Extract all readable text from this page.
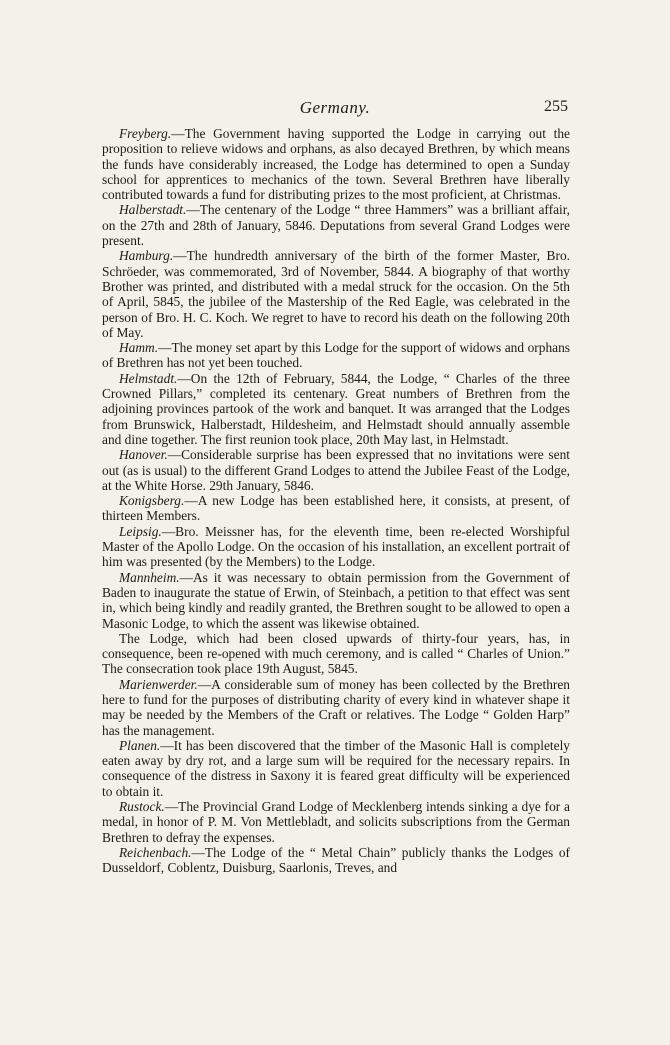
Germany.	255

Freyberg.—The Government having supported the Lodge in carrying out the proposition to relieve widows and orphans, as also decayed Brethren, by which means the funds have considerably increased, the Lodge has determined to open a Sunday school for apprentices to mechanics of the town. Several Brethren have liberally contributed towards a fund for distributing prizes to the most proficient, at Christmas.

Halberstadt.—The centenary of the Lodge “ three Hammers” was a brilliant affair, on the 27th and 28th of January, 5846. Deputations from several Grand Lodges were present.

Hamburg.—The hundredth anniversary of the birth of the former Master, Bro. Schröeder, was commemorated, 3rd of November, 5844. A biography of that worthy Brother was printed, and distributed with a medal struck for the occasion. On the 5th of April, 5845, the jubilee of the Mastership of the Red Eagle, was celebrated in the person of Bro. H. C. Koch. We regret to have to record his death on the following 20th of May.

Hamm.—The money set apart by this Lodge for the support of widows and orphans of Brethren has not yet been touched.

Helmstadt.—On the 12th of February, 5844, the Lodge, “ Charles of the three Crowned Pillars,” completed its centenary. Great numbers of Brethren from the adjoining provinces partook of the work and banquet. It was arranged that the Lodges from Brunswick, Halberstadt, Hildesheim, and Helmstadt should annually assemble and dine together. The first reunion took place, 20th May last, in Helmstadt.

Hanover.—Considerable surprise has been expressed that no invitations were sent out (as is usual) to the different Grand Lodges to attend the Jubilee Feast of the Lodge, at the White Horse. 29th January, 5846.

Konigsberg.—A new Lodge has been established here, it consists, at present, of thirteen Members.

Leipsig.—Bro. Meissner has, for the eleventh time, been re-elected Worshipful Master of the Apollo Lodge. On the occasion of his installation, an excellent portrait of him was presented (by the Members) to the Lodge.

Mannheim.—As it was necessary to obtain permission from the Government of Baden to inaugurate the statue of Erwin, of Steinbach, a petition to that effect was sent in, which being kindly and readily granted, the Brethren sought to be allowed to open a Masonic Lodge, to which the assent was likewise obtained.

The Lodge, which had been closed upwards of thirty-four years, has, in consequence, been re-opened with much ceremony, and is called “ Charles of Union.” The consecration took place 19th August, 5845.

Marienwerder.—A considerable sum of money has been collected by the Brethren here to fund for the purposes of distributing charity of every kind in whatever shape it may be needed by the Members of the Craft or relatives. The Lodge “ Golden Harp” has the management.

Planen.—It has been discovered that the timber of the Masonic Hall is completely eaten away by dry rot, and a large sum will be required for the necessary repairs. In consequence of the distress in Saxony it is feared great difficulty will be experienced to obtain it.

Rustock.—The Provincial Grand Lodge of Mecklenberg intends sinking a dye for a medal, in honor of P. M. Von Mettlebladt, and solicits subscriptions from the German Brethren to defray the expenses.

Reichenbach.—The Lodge of the “ Metal Chain” publicly thanks the Lodges of Dusseldorf, Coblentz, Duisburg, Saarlonis, Treves, and
